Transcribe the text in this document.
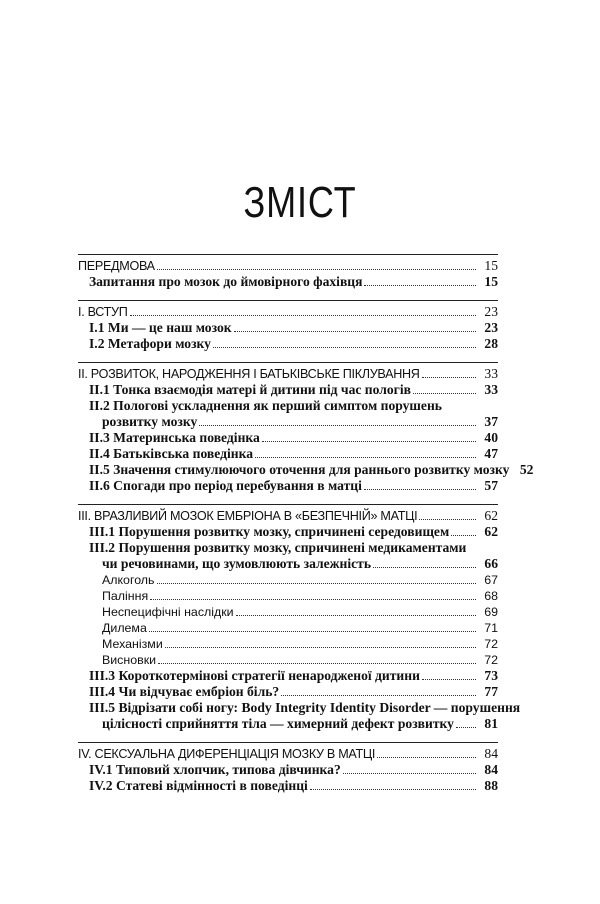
ЗМІСТ
ПЕРЕДМОВА	15
Запитання про мозок до ймовірного фахівця	15
І. ВСТУП	23
І.1 Ми — це наш мозок	23
І.2 Метафори мозку	28
ІІ. РОЗВИТОК, НАРОДЖЕННЯ І БАТЬКІВСЬКЕ ПІКЛУВАННЯ	33
ІІ.1 Тонка взаємодія матері й дитини під час пологів	33
ІІ.2 Пологові ускладнення як перший симптом порушень
розвитку мозку	37
ІІ.3 Материнська поведінка	40
ІІ.4 Батьківська поведінка	47
ІІ.5 Значення стимулюючого оточення для раннього розвитку мозку 52
ІІ.6 Спогади про період перебування в матці	57
ІІІ. ВРАЗЛИВИЙ МОЗОК ЕМБРІОНА В «БЕЗПЕЧНІЙ» МАТЦІ	62
ІІІ.1 Порушення розвитку мозку, спричинені середовищем	62
ІІІ.2 Порушення розвитку мозку, спричинені медикаментами
чи речовинами, що зумовлюють залежність	66
Алкоголь	67
Паління	68
Неспецифічні наслідки	69
Дилема	71
Механізми	72
Висновки	72
ІІІ.3 Короткотермінові стратегії ненародженої дитини	73
ІІІ.4 Чи відчуває ембріон біль?	77
ІІІ.5 Відрізати собі ногу: Body Integrity Identity Disorder — порушення
цілісності сприйняття тіла — химерний дефект розвитку	81
IV. СЕКСУАЛЬНА ДИФЕРЕНЦІАЦІЯ МОЗКУ В МАТЦІ	84
IV.1 Типовий хлопчик, типова дівчинка?	84
IV.2 Статеві відмінності в поведінці	88
